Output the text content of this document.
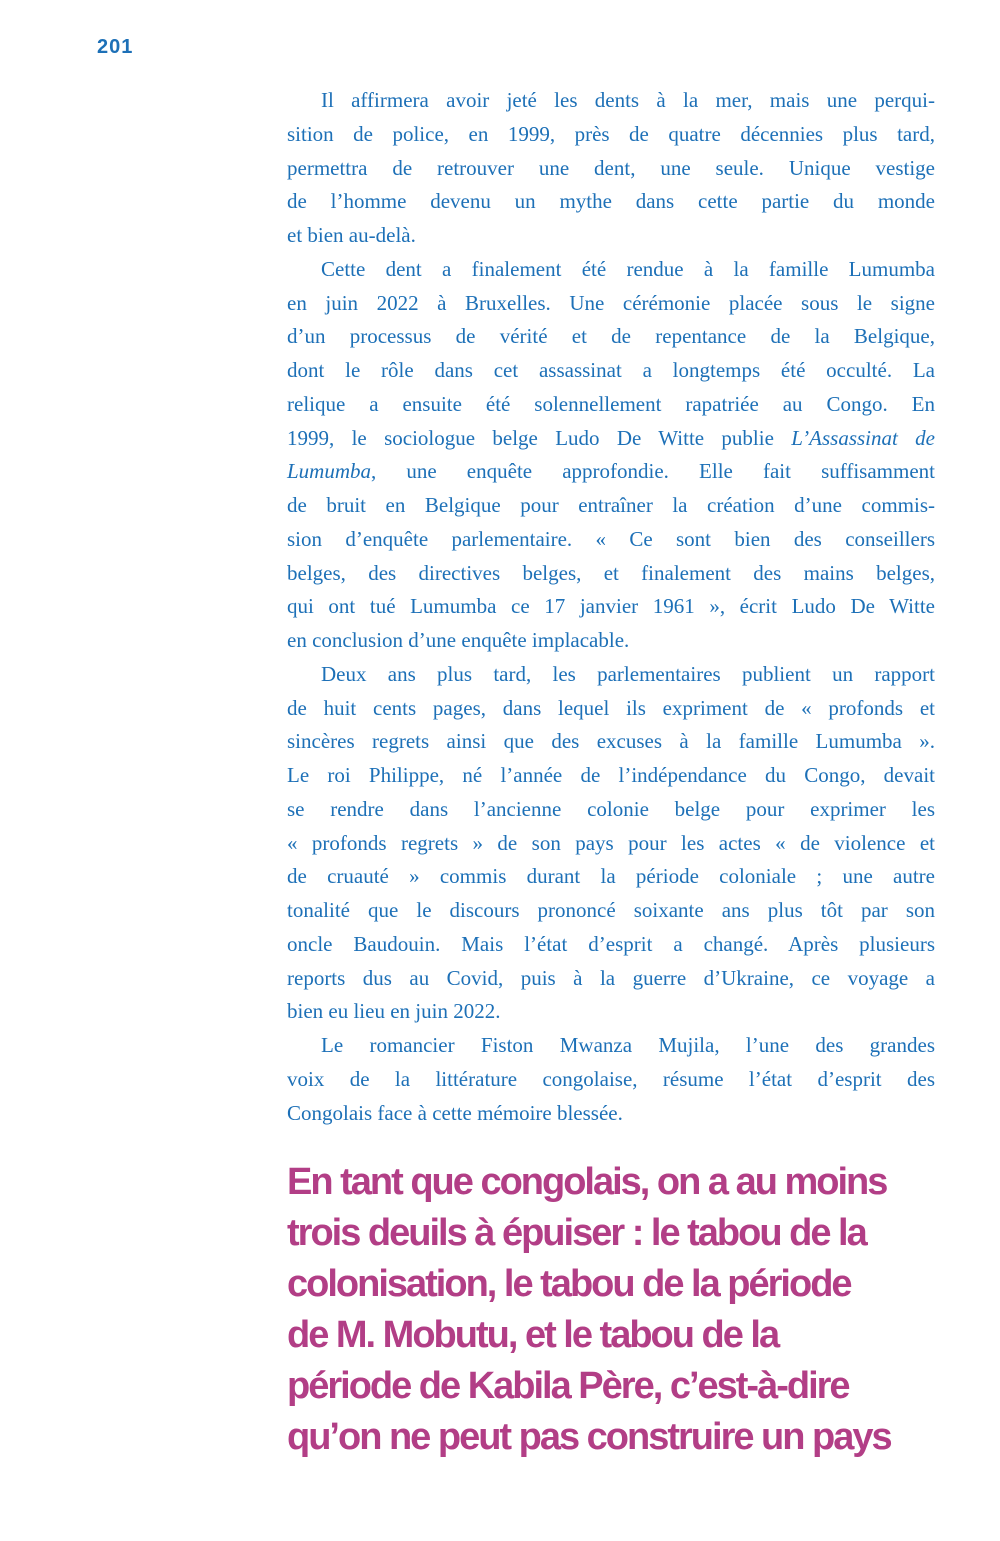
201
Il affirmera avoir jeté les dents à la mer, mais une perqui-
sition de police, en 1999, près de quatre décennies plus tard,
permettra de retrouver une dent, une seule. Unique vestige
de l’homme devenu un mythe dans cette partie du monde
et bien au-delà.
Cette dent a finalement été rendue à la famille Lumumba
en juin 2022 à Bruxelles. Une cérémonie placée sous le signe
d’un processus de vérité et de repentance de la Belgique,
dont le rôle dans cet assassinat a longtemps été occulté. La
relique a ensuite été solennellement rapatriée au Congo. En
1999, le sociologue belge Ludo De Witte publie L’Assassinat de
Lumumba, une enquête approfondie. Elle fait suffisamment
de bruit en Belgique pour entraîner la création d’une commis-
sion d’enquête parlementaire. « Ce sont bien des conseillers
belges, des directives belges, et finalement des mains belges,
qui ont tué Lumumba ce 17 janvier 1961 », écrit Ludo De Witte
en conclusion d’une enquête implacable.
Deux ans plus tard, les parlementaires publient un rapport
de huit cents pages, dans lequel ils expriment de « profonds et
sincères regrets ainsi que des excuses à la famille Lumumba ».
Le roi Philippe, né l’année de l’indépendance du Congo, devait
se rendre dans l’ancienne colonie belge pour exprimer les
« profonds regrets » de son pays pour les actes « de violence et
de cruauté » commis durant la période coloniale ; une autre
tonalité que le discours prononcé soixante ans plus tôt par son
oncle Baudouin. Mais l’état d’esprit a changé. Après plusieurs
reports dus au Covid, puis à la guerre d’Ukraine, ce voyage a
bien eu lieu en juin 2022.
Le romancier Fiston Mwanza Mujila, l’une des grandes
voix de la littérature congolaise, résume l’état d’esprit des
Congolais face à cette mémoire blessée.
En tant que congolais, on a au moins
trois deuils à épuiser : le tabou de la
colonisation, le tabou de la période
de M. Mobutu, et le tabou de la
période de Kabila Père, c’est-à-dire
qu’on ne peut pas construire un pays
